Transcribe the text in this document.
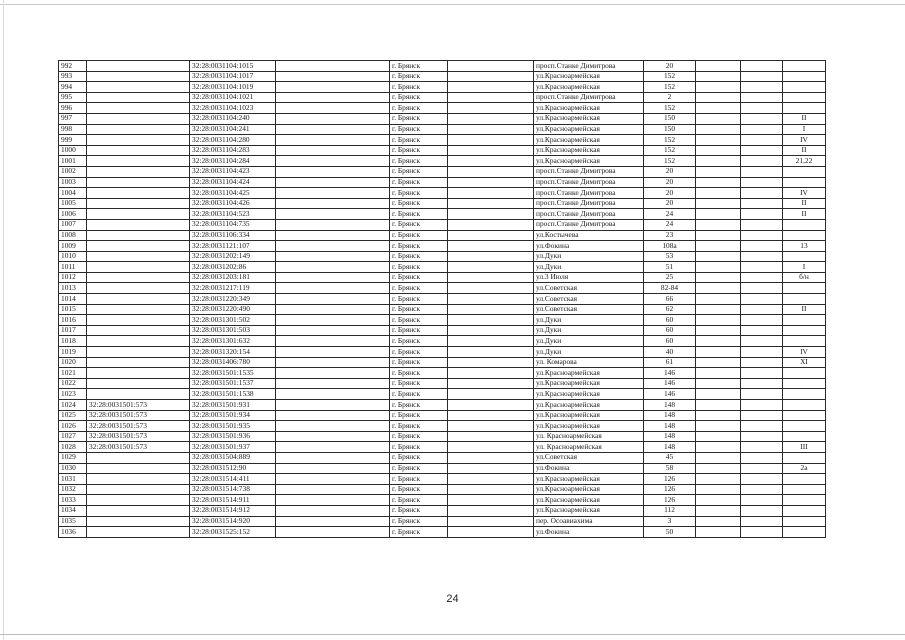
992		32:28:0031104:1015		г. Брянск		просп.Станке Димитрова	20			
993		32:28:0031104:1017		г. Брянск		ул.Красноармейская	152			
994		32:28:0031104:1019		г. Брянск		ул.Красноармейская	152			
995		32:28:0031104:1021		г. Брянск		просп.Станке Димитрова	2			
996		32:28:0031104:1023		г. Брянск		ул.Красноармейская	152			
997		32:28:0031104:240		г. Брянск		ул.Красноармейская	150			II
998		32:28:0031104:241		г. Брянск		ул.Красноармейская	150			I
999		32:28:0031104:280		г. Брянск		ул.Красноармейская	152			IV
1000		32:28:0031104:283		г. Брянск		ул.Красноармейская	152			II
1001		32:28:0031104:284		г. Брянск		ул.Красноармейская	152			21,22
1002		32:28:0031104:423		г. Брянск		просп.Станке Димитрова	20			
1003		32:28:0031104:424		г. Брянск		просп.Станке Димитрова	20			
1004		32:28:0031104:425		г. Брянск		просп.Станке Димитрова	20			IV
1005		32:28:0031104:426		г. Брянск		просп.Станке Димитрова	20			II
1006		32:28:0031104:523		г. Брянск		просп.Станке Димитрова	24			II
1007		32:28:0031104:735		г. Брянск		просп.Станке Димитрова	24			
1008		32:28:0031106:334		г. Брянск		ул.Костычева	23			
1009		32:28:0031121:107		г. Брянск		ул.Фокина	108а			13
1010		32:28:0031202:149		г. Брянск		ул.Дуки	53			
1011		32:28:0031202:86		г. Брянск		ул.Дуки	51			I
1012		32:28:0031203:181		г. Брянск		ул.3 Июля	25			б/н
1013		32:28:0031217:119		г. Брянск		ул.Советская	82-84			
1014		32:28:0031220:349		г. Брянск		ул.Советская	66			
1015		32:28:0031220:490		г. Брянск		ул.Советская	62			II
1016		32:28:0031301:502		г. Брянск		ул.Дуки	60			
1017		32:28:0031301:503		г. Брянск		ул.Дуки	60			
1018		32:28:0031301:632		г. Брянск		ул.Дуки	60			
1019		32:28:0031320:154		г. Брянск		ул.Дуки	40			IV
1020		32:28:0031406:780		г. Брянск		ул. Комарова	61			XI
1021		32:28:0031501:1535		г. Брянск		ул.Красноармейская	146			
1022		32:28:0031501:1537		г. Брянск		ул.Красноармейская	146			
1023		32:28:0031501:1538		г. Брянск		ул.Красноармейская	146			
1024	32:28:0031501:573	32:28:0031501:931		г. Брянск		ул.Красноармейская	148			
1025	32:28:0031501:573	32:28:0031501:934		г. Брянск		ул.Красноармейская	148			
1026	32:28:0031501:573	32:28:0031501:935		г. Брянск		ул.Красноармейская	148			
1027	32:28:0031501:573	32:28:0031501:936		г. Брянск		ул. Красноармейская	148			
1028	32:28:0031501:573	32:28:0031501:937		г. Брянск		ул. Красноармейская	148			III
1029		32:28:0031504:889		г. Брянск		ул.Советская	45			
1030		32:28:0031512:90		г. Брянск		ул.Фокина	58			2а
1031		32:28:0031514:411		г. Брянск		ул.Красноармейская	126			
1032		32:28:0031514:738		г. Брянск		ул.Красноармейская	126			
1033		32:28:0031514:911		г. Брянск		ул.Красноармейская	126			
1034		32:28:0031514:912		г. Брянск		ул.Красноармейская	112			
1035		32:28:0031514:920		г. Брянск		пер. Осоавиахима	3			
1036		32:28:0031525:152		г. Брянск		ул.Фокина	50			
24
